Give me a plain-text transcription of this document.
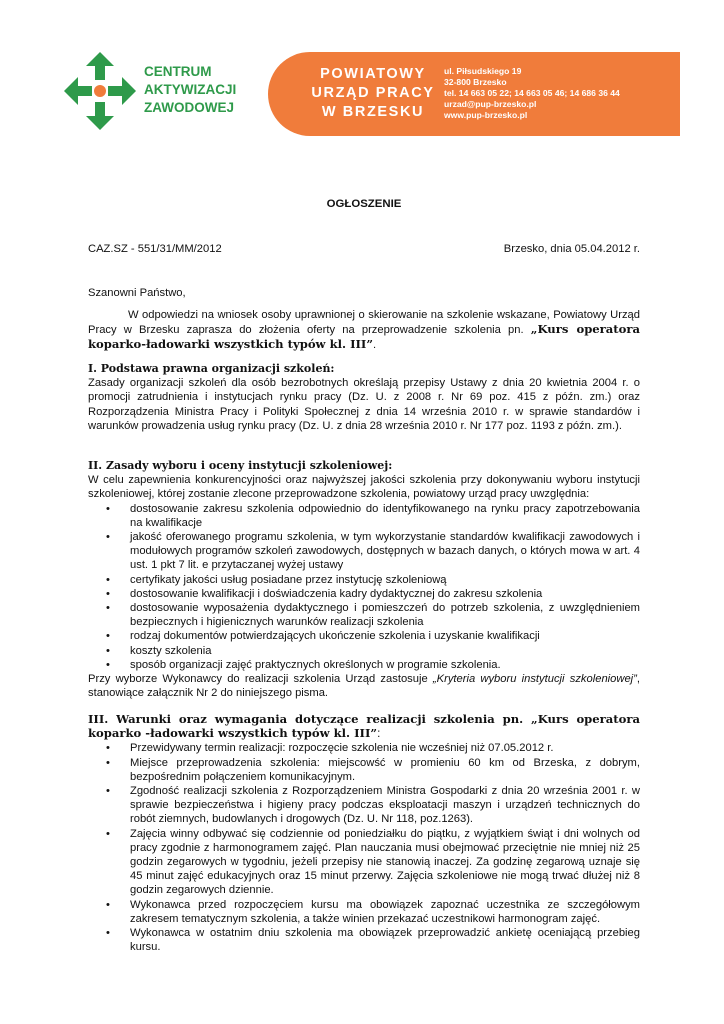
CENTRUM
AKTYWIZACJI
ZAWODOWEJ
POWIATOWY
URZĄD PRACY
W BRZESKU
ul. Piłsudskiego 19
32-800 Brzesko
tel. 14 663 05 22; 14 663 05 46; 14 686 36 44
urzad@pup-brzesko.pl
www.pup-brzesko.pl
OGŁOSZENIE
CAZ.SZ - 551/31/MM/2012	Brzesko, dnia 05.04.2012 r.
Szanowni Państwo,

W odpowiedzi na wniosek osoby uprawnionej o skierowanie na szkolenie wskazane, Powiatowy Urząd Pracy w Brzesku zaprasza do złożenia oferty na przeprowadzenie szkolenia pn. „Kurs operatora koparko-ładowarki wszystkich typów kl. III”.

I. Podstawa prawna organizacji szkoleń:

Zasady organizacji szkoleń dla osób bezrobotnych określają przepisy Ustawy z dnia 20 kwietnia 2004 r. o promocji zatrudnienia i instytucjach rynku pracy (Dz. U. z 2008 r. Nr 69 poz. 415 z późn. zm.) oraz Rozporządzenia Ministra Pracy i Polityki Społecznej z dnia 14 września 2010 r. w sprawie standardów i warunków prowadzenia usług rynku pracy (Dz. U. z dnia 28 września 2010 r. Nr 177 poz. 1193 z późn. zm.).

II. Zasady wyboru i oceny instytucji szkoleniowej:

W celu zapewnienia konkurencyjności oraz najwyższej jakości szkolenia przy dokonywaniu wyboru instytucji szkoleniowej, której zostanie zlecone przeprowadzone szkolenia, powiatowy urząd pracy uwzględnia:

• dostosowanie zakresu szkolenia odpowiednio do identyfikowanego na rynku pracy zapotrzebowania na kwalifikacje
• jakość oferowanego programu szkolenia, w tym wykorzystanie standardów kwalifikacji zawodowych i modułowych programów szkoleń zawodowych, dostępnych w bazach danych, o których mowa w art. 4 ust. 1 pkt 7 lit. e przytaczanej wyżej ustawy
• certyfikaty jakości usług posiadane przez instytucję szkoleniową
• dostosowanie kwalifikacji i doświadczenia kadry dydaktycznej do zakresu szkolenia
• dostosowanie wyposażenia dydaktycznego i pomieszczeń do potrzeb szkolenia, z uwzględnieniem bezpiecznych i higienicznych warunków realizacji szkolenia
• rodzaj dokumentów potwierdzających ukończenie szkolenia i uzyskanie kwalifikacji
• koszty szkolenia
• sposób organizacji zajęć praktycznych określonych w programie szkolenia.

Przy wyborze Wykonawcy do realizacji szkolenia Urząd zastosuje „Kryteria wyboru instytucji szkoleniowej”, stanowiące załącznik Nr 2 do niniejszego pisma.

III. Warunki oraz wymagania dotyczące realizacji szkolenia pn. „Kurs operatora koparko -ładowarki wszystkich typów kl. III”:

• Przewidywany termin realizacji: rozpoczęcie szkolenia nie wcześniej niż 07.05.2012 r.
• Miejsce przeprowadzenia szkolenia: miejscowść w promieniu 60 km od Brzeska, z dobrym, bezpośrednim połączeniem komunikacyjnym.
• Zgodność realizacji szkolenia z Rozporządzeniem Ministra Gospodarki z dnia 20 września 2001 r. w sprawie bezpieczeństwa i higieny pracy podczas eksploatacji maszyn i urządzeń technicznych do robót ziemnych, budowlanych i drogowych (Dz. U. Nr 118, poz.1263).
• Zajęcia winny odbywać się codziennie od poniedziałku do piątku, z wyjątkiem świąt i dni wolnych od pracy zgodnie z harmonogramem zajęć. Plan nauczania musi obejmować przeciętnie nie mniej niż 25 godzin zegarowych w tygodniu, jeżeli przepisy nie stanowią inaczej. Za godzinę zegarową uznaje się 45 minut zajęć edukacyjnych oraz 15 minut przerwy. Zajęcia szkoleniowe nie mogą trwać dłużej niż 8 godzin zegarowych dziennie.
• Wykonawca przed rozpoczęciem kursu ma obowiązek zapoznać uczestnika ze szczegółowym zakresem tematycznym szkolenia, a także winien przekazać uczestnikowi harmonogram zajęć.
• Wykonawca w ostatnim dniu szkolenia ma obowiązek przeprowadzić ankietę oceniającą przebieg kursu.
